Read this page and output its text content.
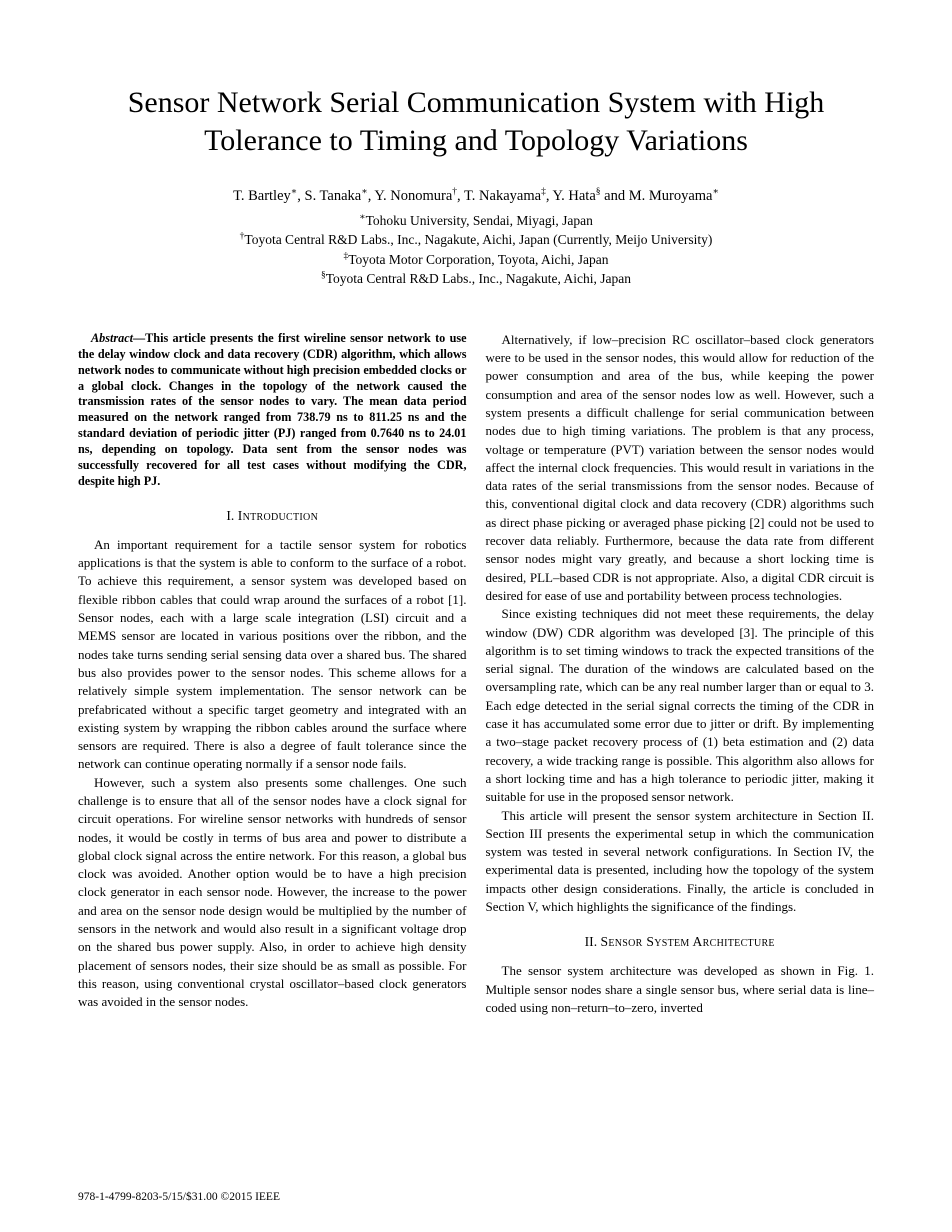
Sensor Network Serial Communication System with High Tolerance to Timing and Topology Variations
T. Bartley∗, S. Tanaka∗, Y. Nonomura†, T. Nakayama‡, Y. Hata§ and M. Muroyama∗
∗Tohoku University, Sendai, Miyagi, Japan
†Toyota Central R&D Labs., Inc., Nagakute, Aichi, Japan (Currently, Meijo University)
‡Toyota Motor Corporation, Toyota, Aichi, Japan
§Toyota Central R&D Labs., Inc., Nagakute, Aichi, Japan

Abstract—This article presents the first wireline sensor network to use the delay window clock and data recovery (CDR) algorithm, which allows network nodes to communicate without high precision embedded clocks or a global clock. Changes in the topology of the network caused the transmission rates of the sensor nodes to vary. The mean data period measured on the network ranged from 738.79 ns to 811.25 ns and the standard deviation of periodic jitter (PJ) ranged from 0.7640 ns to 24.01 ns, depending on topology. Data sent from the sensor nodes was successfully recovered for all test cases without modifying the CDR, despite high PJ.

I. Introduction

An important requirement for a tactile sensor system for robotics applications is that the system is able to conform to the surface of a robot. To achieve this requirement, a sensor system was developed based on flexible ribbon cables that could wrap around the surfaces of a robot [1]. Sensor nodes, each with a large scale integration (LSI) circuit and a MEMS sensor are located in various positions over the ribbon, and the nodes take turns sending serial sensing data over a shared bus. The shared bus also provides power to the sensor nodes. This scheme allows for a relatively simple system implementation. The sensor network can be prefabricated without a specific target geometry and integrated with an existing system by wrapping the ribbon cables around the surface where sensors are required. There is also a degree of fault tolerance since the network can continue operating normally if a sensor node fails.

However, such a system also presents some challenges. One such challenge is to ensure that all of the sensor nodes have a clock signal for circuit operations. For wireline sensor networks with hundreds of sensor nodes, it would be costly in terms of bus area and power to distribute a global clock signal across the entire network. For this reason, a global bus clock was avoided. Another option would be to have a high precision clock generator in each sensor node. However, the increase to the power and area on the sensor node design would be multiplied by the number of sensors in the network and would also result in a significant voltage drop on the shared bus power supply. Also, in order to achieve high density placement of sensors nodes, their size should be as small as possible. For this reason, using conventional crystal oscillator–based clock generators was avoided in the sensor nodes.

Alternatively, if low–precision RC oscillator–based clock generators were to be used in the sensor nodes, this would allow for reduction of the power consumption and area of the bus, while keeping the power consumption and area of the sensor nodes low as well. However, such a system presents a difficult challenge for serial communication between nodes due to high timing variations. The problem is that any process, voltage or temperature (PVT) variation between the sensor nodes would affect the internal clock frequencies. This would result in variations in the data rates of the serial transmissions from the sensor nodes. Because of this, conventional digital clock and data recovery (CDR) algorithms such as direct phase picking or averaged phase picking [2] could not be used to recover data reliably. Furthermore, because the data rate from different sensor nodes might vary greatly, and because a short locking time is desired, PLL–based CDR is not appropriate. Also, a digital CDR circuit is desired for ease of use and portability between process technologies.

Since existing techniques did not meet these requirements, the delay window (DW) CDR algorithm was developed [3]. The principle of this algorithm is to set timing windows to track the expected transitions of the serial signal. The duration of the windows are calculated based on the oversampling rate, which can be any real number larger than or equal to 3. Each edge detected in the serial signal corrects the timing of the CDR in case it has accumulated some error due to jitter or drift. By implementing a two–stage packet recovery process of (1) beta estimation and (2) data recovery, a wide tracking range is possible. This algorithm also allows for a short locking time and has a high tolerance to periodic jitter, making it suitable for use in the proposed sensor network.

This article will present the sensor system architecture in Section II. Section III presents the experimental setup in which the communication system was tested in several network configurations. In Section IV, the experimental data is presented, including how the topology of the system impacts other design considerations. Finally, the article is concluded in Section V, which highlights the significance of the findings.

II. Sensor System Architecture

The sensor system architecture was developed as shown in Fig. 1. Multiple sensor nodes share a single sensor bus, where serial data is line–coded using non–return–to–zero, inverted

978-1-4799-8203-5/15/$31.00 ©2015 IEEE
